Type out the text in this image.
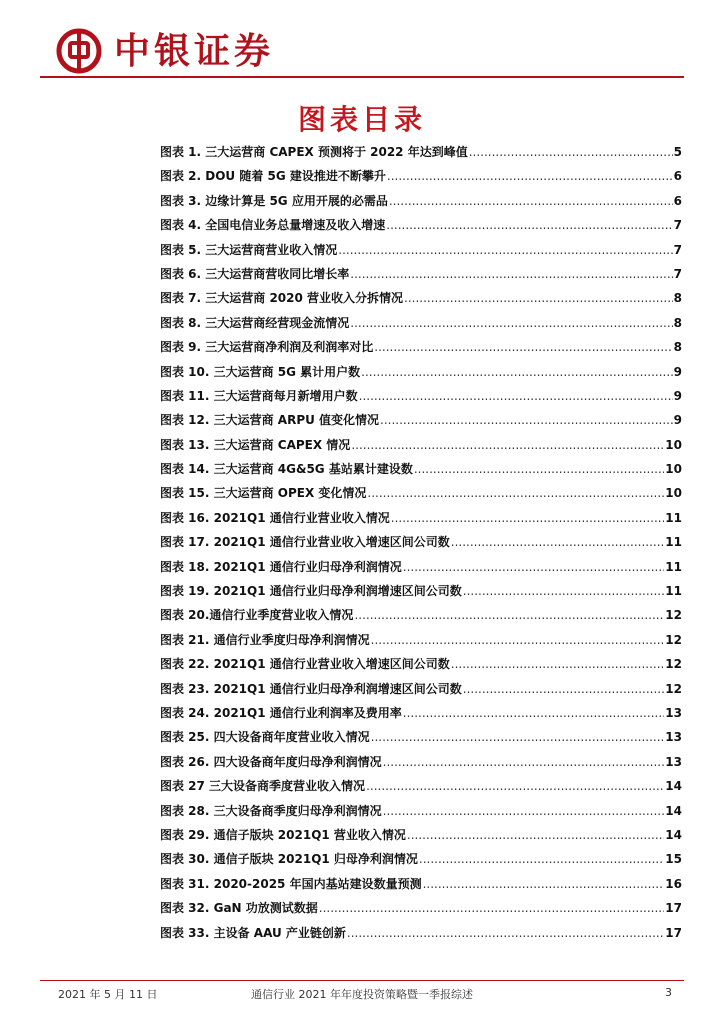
中银证券
图表目录
图表 1. 三大运营商 CAPEX 预测将于 2022 年达到峰值 .....	5
图表 2. DOU 随着 5G 建设推进不断攀升 .....	6
图表 3. 边缘计算是 5G 应用开展的必需品 .....	6
图表 4. 全国电信业务总量增速及收入增速 .....	7
图表 5. 三大运营商营业收入情况 .....	7
图表 6. 三大运营商营收同比增长率 .....	7
图表 7. 三大运营商 2020 营业收入分拆情况 .....	8
图表 8. 三大运营商经营现金流情况 .....	8
图表 9. 三大运营商净利润及利润率对比 .....	8
图表 10. 三大运营商 5G 累计用户数 .....	9
图表 11. 三大运营商每月新增用户数 .....	9
图表 12. 三大运营商 ARPU 值变化情况 .....	9
图表 13. 三大运营商 CAPEX 情况 .....	10
图表 14. 三大运营商 4G&5G 基站累计建设数 .....	10
图表 15. 三大运营商 OPEX 变化情况 .....	10
图表 16. 2021Q1 通信行业营业收入情况 .....	11
图表 17. 2021Q1 通信行业营业收入增速区间公司数 .....	11
图表 18. 2021Q1 通信行业归母净利润情况 .....	11
图表 19. 2021Q1 通信行业归母净利润增速区间公司数 .....	11
图表 20.通信行业季度营业收入情况 .....	12
图表 21. 通信行业季度归母净利润情况 .....	12
图表 22. 2021Q1 通信行业营业收入增速区间公司数 .....	12
图表 23. 2021Q1 通信行业归母净利润增速区间公司数 .....	12
图表 24. 2021Q1 通信行业利润率及费用率 .....	13
图表 25. 四大设备商年度营业收入情况 .....	13
图表 26. 四大设备商年度归母净利润情况 .....	13
图表 27 三大设备商季度营业收入情况 .....	14
图表 28. 三大设备商季度归母净利润情况 .....	14
图表 29. 通信子版块 2021Q1 营业收入情况 .....	14
图表 30. 通信子版块 2021Q1 归母净利润情况 .....	15
图表 31. 2020-2025 年国内基站建设数量预测 .....	16
图表 32. GaN 功放测试数据 .....	17
图表 33. 主设备 AAU 产业链创新 .....	17
2021 年 5 月 11 日	通信行业 2021 年年度投资策略暨一季报综述	3
